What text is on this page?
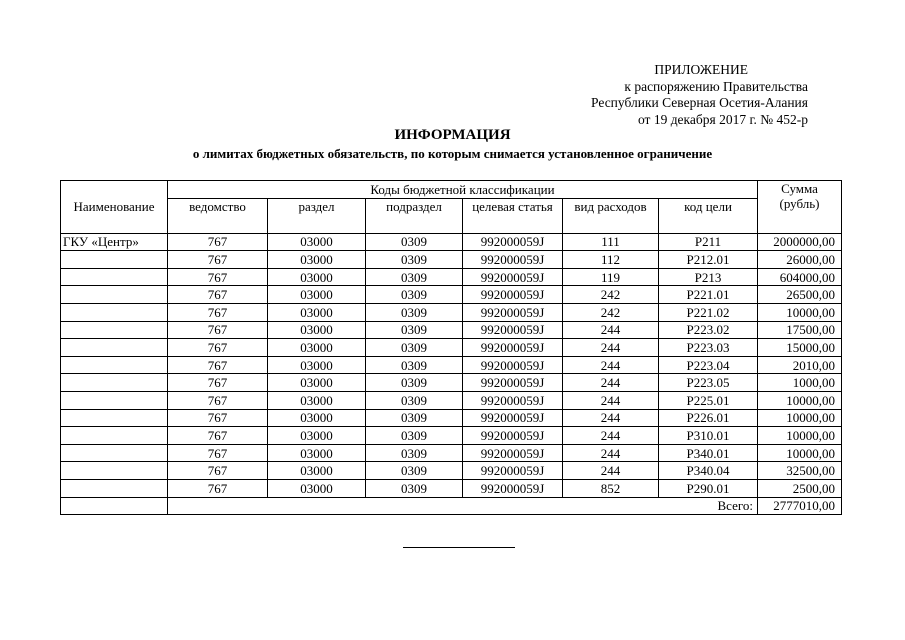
ПРИЛОЖЕНИЕ
к распоряжению Правительства
Республики Северная Осетия-Алания
от 19 декабря 2017 г. № 452-р
ИНФОРМАЦИЯ
о лимитах бюджетных обязательств, по которым снимается установленное ограничение
Наименование	Коды бюджетной классификации						Сумма (рубль)
	ведомство	раздел	подраздел	целевая статья	вид расходов	код цели	
ГКУ «Центр»	767	03000	0309	992000059J	111	P211	2000000,00
	767	03000	0309	992000059J	112	P212.01	26000,00
	767	03000	0309	992000059J	119	P213	604000,00
	767	03000	0309	992000059J	242	P221.01	26500,00
	767	03000	0309	992000059J	242	P221.02	10000,00
	767	03000	0309	992000059J	244	P223.02	17500,00
	767	03000	0309	992000059J	244	P223.03	15000,00
	767	03000	0309	992000059J	244	P223.04	2010,00
	767	03000	0309	992000059J	244	P223.05	1000,00
	767	03000	0309	992000059J	244	P225.01	10000,00
	767	03000	0309	992000059J	244	P226.01	10000,00
	767	03000	0309	992000059J	244	P310.01	10000,00
	767	03000	0309	992000059J	244	P340.01	10000,00
	767	03000	0309	992000059J	244	P340.04	32500,00
	767	03000	0309	992000059J	852	P290.01	2500,00
	Всего:						2777010,00
